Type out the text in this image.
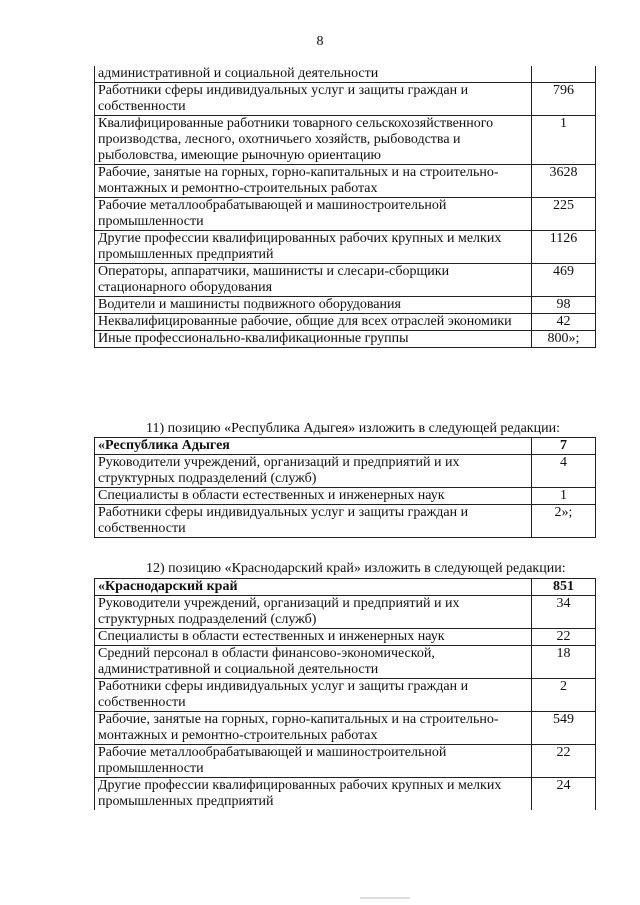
8
административной и социальной деятельности	
Работники сферы индивидуальных услуг и защиты граждан и собственности	796
Квалифицированные работники товарного сельскохозяйственного производства, лесного, охотничьего хозяйств, рыбоводства и рыболовства, имеющие рыночную ориентацию	1
Рабочие, занятые на горных, горно-капитальных и на строительно-монтажных и ремонтно-строительных работах	3628
Рабочие металлообрабатывающей и машиностроительной промышленности	225
Другие профессии квалифицированных рабочих крупных и мелких промышленных предприятий	1126
Операторы, аппаратчики, машинисты и слесари-сборщики стационарного оборудования	469
Водители и машинисты подвижного оборудования	98
Неквалифицированные рабочие, общие для всех отраслей экономики	42
Иные профессионально-квалификационные группы	800»;
11) позицию «Республика Адыгея» изложить в следующей редакции:
«Республика Адыгея	7
Руководители учреждений, организаций и предприятий и их структурных подразделений (служб)	4
Специалисты в области естественных и инженерных наук	1
Работники сферы индивидуальных услуг и защиты граждан и собственности	2»;
12) позицию «Краснодарский край» изложить в следующей редакции:
«Краснодарский край	851
Руководители учреждений, организаций и предприятий и их структурных подразделений (служб)	34
Специалисты в области естественных и инженерных наук	22
Средний персонал в области финансово-экономической, административной и социальной деятельности	18
Работники сферы индивидуальных услуг и защиты граждан и собственности	2
Рабочие, занятые на горных, горно-капитальных и на строительно-монтажных и ремонтно-строительных работах	549
Рабочие металлообрабатывающей и машиностроительной промышленности	22
Другие профессии квалифицированных рабочих крупных и мелких промышленных предприятий	24
